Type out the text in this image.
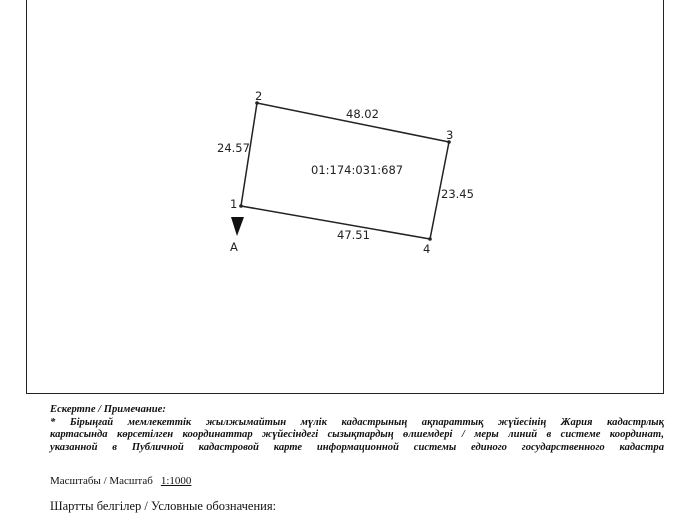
1
2
3
4
24.57
48.02
23.45
47.51
01:174:031:687
A
Ескертпе / Примечание:
* Бірыңғай мемлекеттік жылжымайтын мүлік кадастрының ақпараттық жүйесінің Жария кадастрлық
картасында көрсетілген координаттар жүйесіндегі сызықтардың өлшемдері / меры линий в системе координат,
указанной в Публичной кадастровой карте информационной системы единого государственного кадастра
Масштабы / Масштаб 1:1000
Шартты белгілер / Условные обозначения:
